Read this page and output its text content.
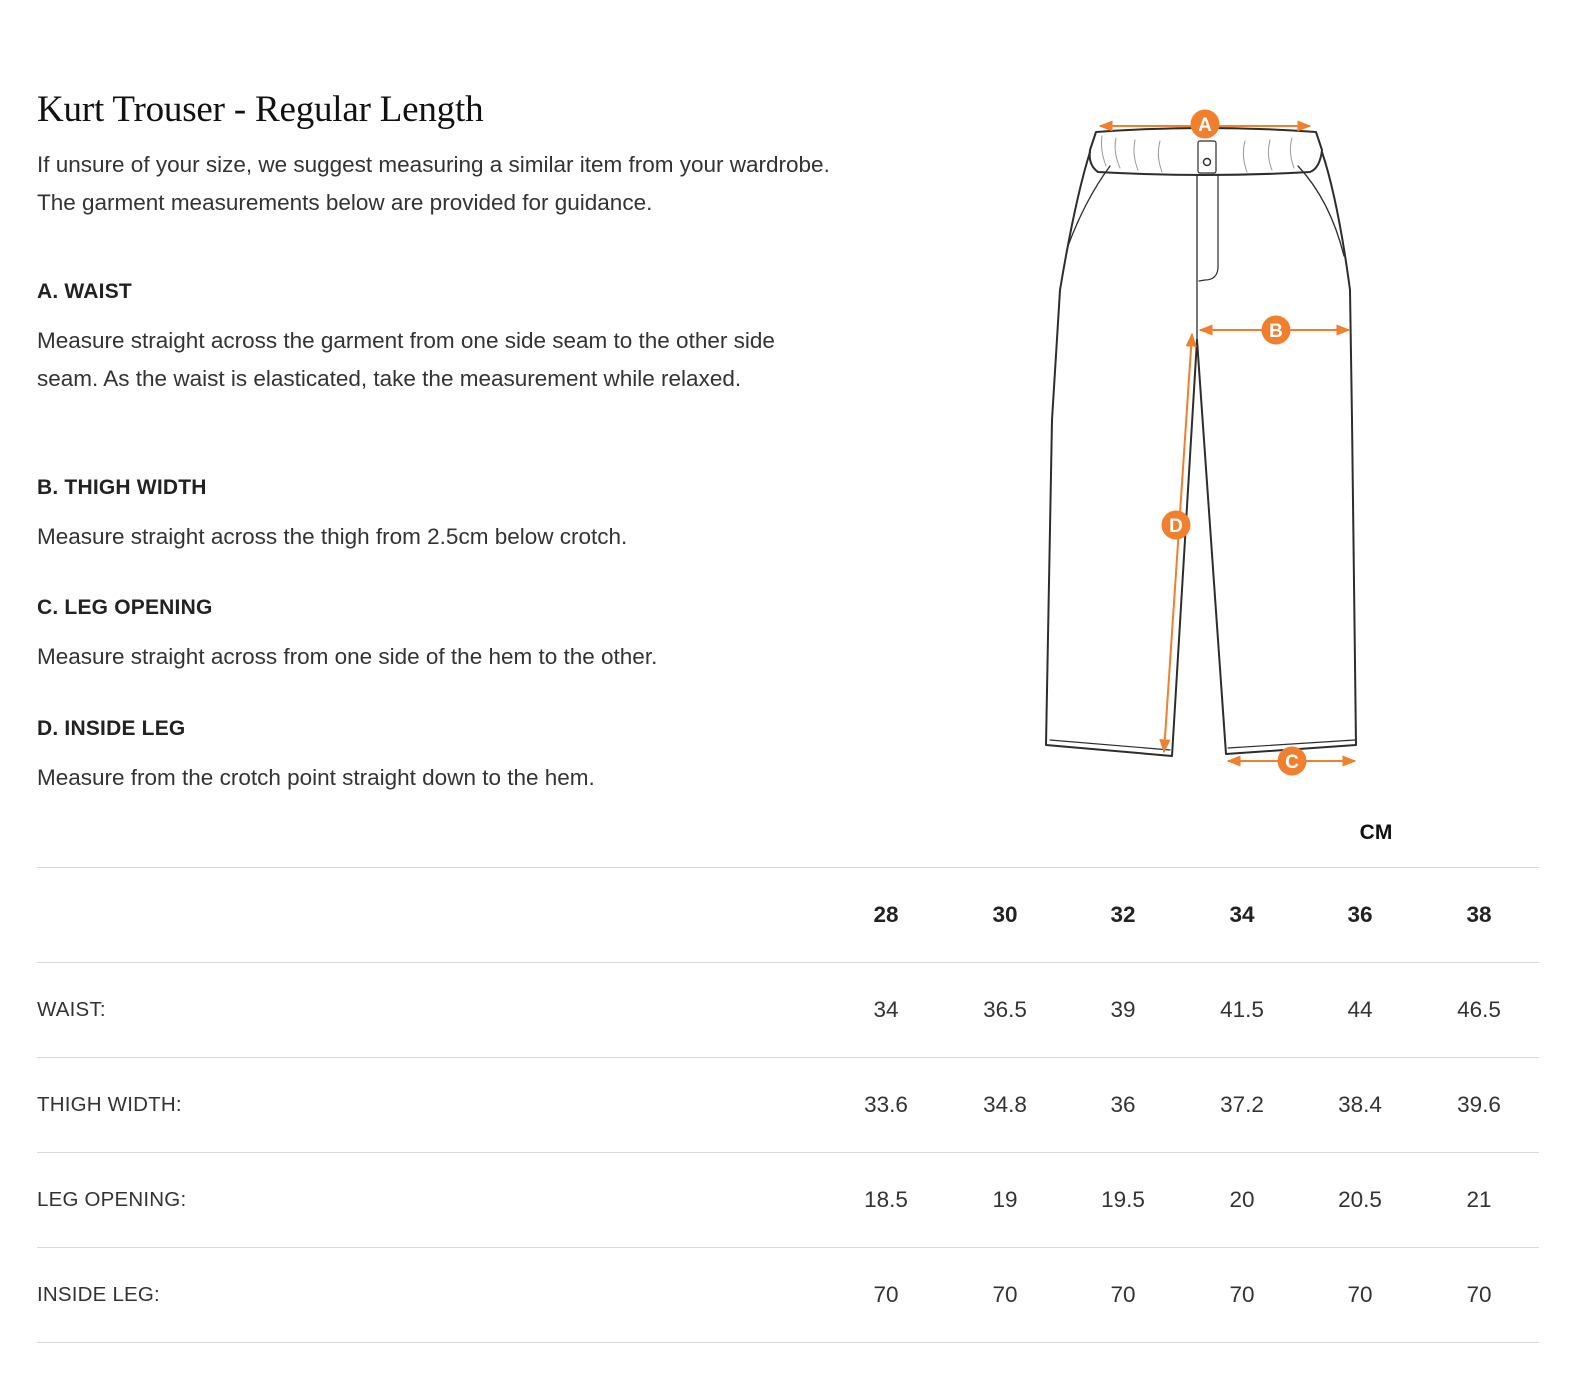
Kurt Trouser - Regular Length

If unsure of your size, we suggest measuring a similar item from your wardrobe. The garment measurements below are provided for guidance.

A. WAIST

Measure straight across the garment from one side seam to the other side seam. As the waist is elasticated, take the measurement while relaxed.

B. THIGH WIDTH

Measure straight across the thigh from 2.5cm below crotch.

C. LEG OPENING

Measure straight across from one side of the hem to the other.

D. INSIDE LEG

Measure from the crotch point straight down to the hem.

A
B
C
D
CM
28	30	32	34	36	38
WAIST:	34	36.5	39	41.5	44	46.5
THIGH WIDTH:	33.6	34.8	36	37.2	38.4	39.6
LEG OPENING:	18.5	19	19.5	20	20.5	21
INSIDE LEG:	70	70	70	70	70	70
